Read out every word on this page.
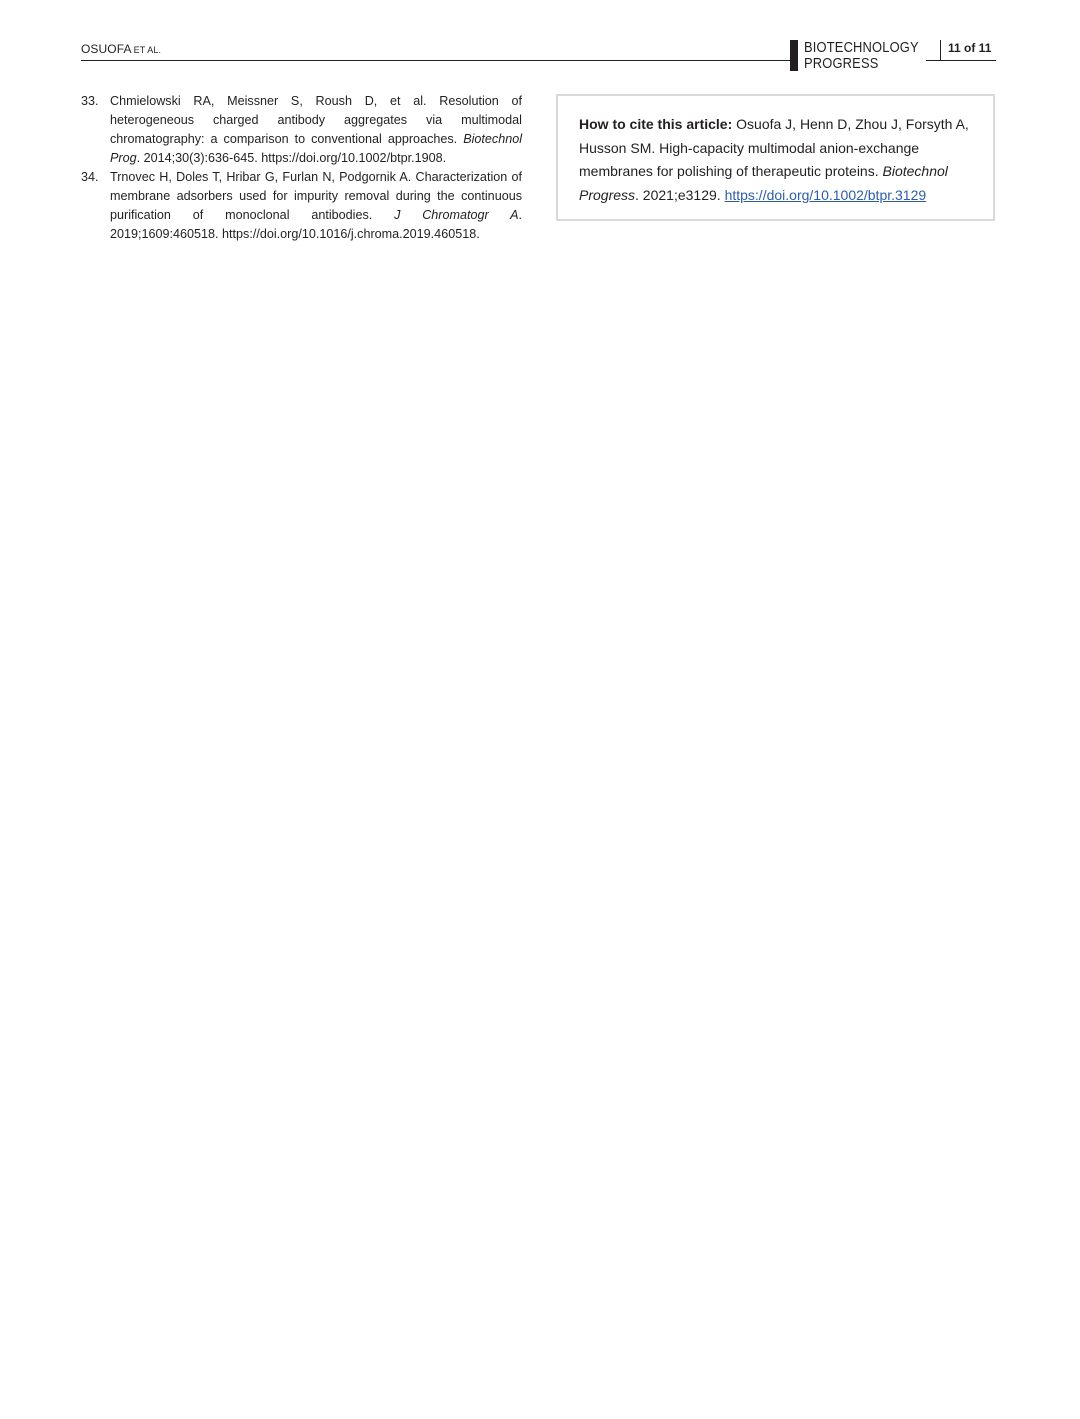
OSUOFA ET AL.	BIOTECHNOLOGY
PROGRESS
11 of 11
33. Chmielowski RA, Meissner S, Roush D, et al. Resolution of heterogeneous charged antibody aggregates via multimodal chromatography: a comparison to conventional approaches. Biotechnol Prog. 2014;30(3):636-645. https://doi.org/10.1002/btpr.1908.
34. Trnovec H, Doles T, Hribar G, Furlan N, Podgornik A. Characterization of membrane adsorbers used for impurity removal during the continuous purification of monoclonal antibodies. J Chromatogr A. 2019;1609:460518. https://doi.org/10.1016/j.chroma.2019.460518.
How to cite this article: Osuofa J, Henn D, Zhou J, Forsyth A, Husson SM. High-capacity multimodal anion-exchange membranes for polishing of therapeutic proteins. Biotechnol Progress. 2021;e3129. https://doi.org/10.1002/btpr.3129
